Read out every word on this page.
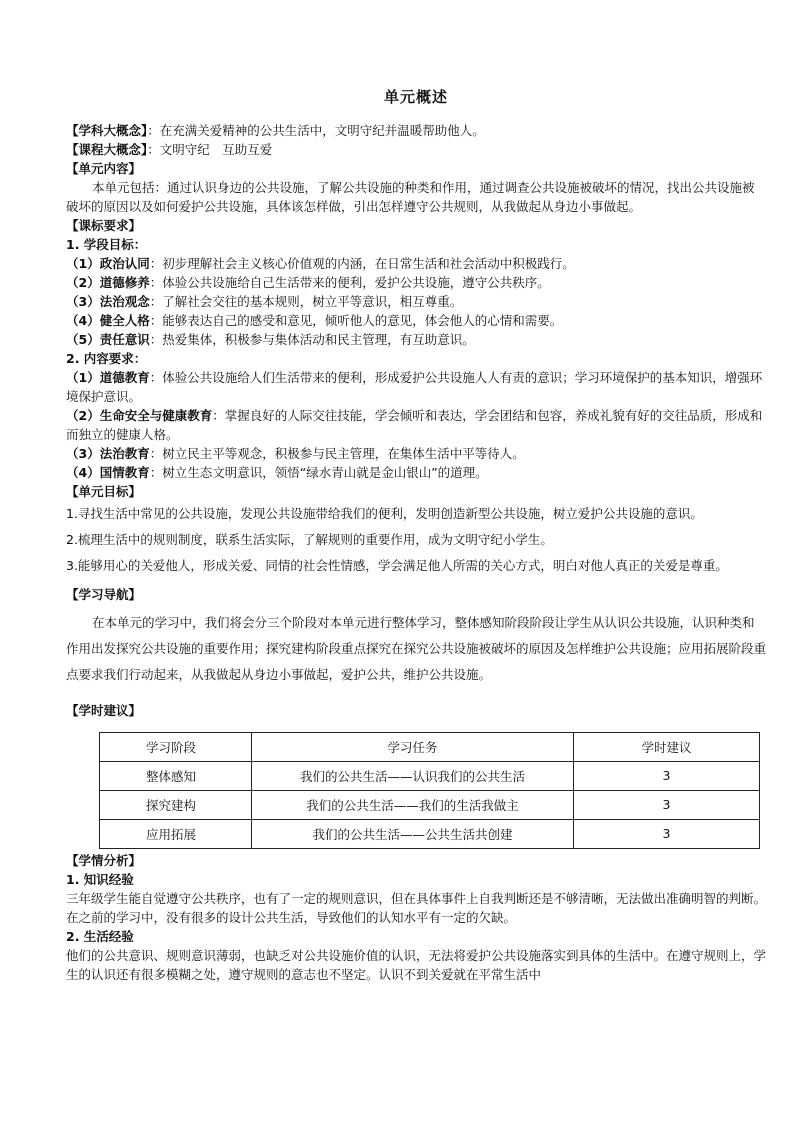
单元概述

【学科大概念】：在充满关爱精神的公共生活中，文明守纪并温暖帮助他人。

【课程大概念】：文明守纪　互助互爱

【单元内容】

本单元包括：通过认识身边的公共设施，了解公共设施的种类和作用，通过调查公共设施被破坏的情况，找出公共设施被破坏的原因以及如何爱护公共设施，具体该怎样做，引出怎样遵守公共规则，从我做起从身边小事做起。

【课标要求】

1. 学段目标：

（1）政治认同：初步理解社会主义核心价值观的内涵，在日常生活和社会活动中积极践行。

（2）道德修养：体验公共设施给自己生活带来的便利，爱护公共设施，遵守公共秩序。

（3）法治观念：了解社会交往的基本规则，树立平等意识，相互尊重。

（4）健全人格：能够表达自己的感受和意见，倾听他人的意见，体会他人的心情和需要。

（5）责任意识：热爱集体，积极参与集体活动和民主管理，有互助意识。

2. 内容要求：

（1）道德教育：体验公共设施给人们生活带来的便利，形成爱护公共设施人人有责的意识；学习环境保护的基本知识，增强环境保护意识。

（2）生命安全与健康教育：掌握良好的人际交往技能，学会倾听和表达，学会团结和包容，养成礼貌有好的交往品质，形成和而独立的健康人格。

（3）法治教育：树立民主平等观念，积极参与民主管理，在集体生活中平等待人。

（4）国情教育：树立生态文明意识，领悟“绿水青山就是金山银山”的道理。

【单元目标】

1.寻找生活中常见的公共设施，发现公共设施带给我们的便利，发明创造新型公共设施，树立爱护公共设施的意识。

2.梳理生活中的规则制度，联系生活实际，了解规则的重要作用，成为文明守纪小学生。

3.能够用心的关爱他人，形成关爱、同情的社会性情感，学会满足他人所需的关心方式，明白对他人真正的关爱是尊重。

【学习导航】

在本单元的学习中，我们将会分三个阶段对本单元进行整体学习，整体感知阶段阶段让学生从认识公共设施，认识种类和作用出发探究公共设施的重要作用；探究建构阶段重点探究在探究公共设施被破坏的原因及怎样维护公共设施；应用拓展阶段重点要求我们行动起来，从我做起从身边小事做起，爱护公共，维护公共设施。

【学时建议】

学习阶段	学习任务	学时建议
整体感知	我们的公共生活——认识我们的公共生活	3
探究建构	我们的公共生活——我们的生活我做主	3
应用拓展	我们的公共生活——公共生活共创建	3

【学情分析】

1. 知识经验

三年级学生能自觉遵守公共秩序，也有了一定的规则意识，但在具体事件上自我判断还是不够清晰，无法做出准确明智的判断。在之前的学习中，没有很多的设计公共生活，导致他们的认知水平有一定的欠缺。

2. 生活经验

他们的公共意识、规则意识薄弱，也缺乏对公共设施价值的认识，无法将爱护公共设施落实到具体的生活中。在遵守规则上，学生的认识还有很多模糊之处，遵守规则的意志也不坚定。认识不到关爱就在平常生活中
